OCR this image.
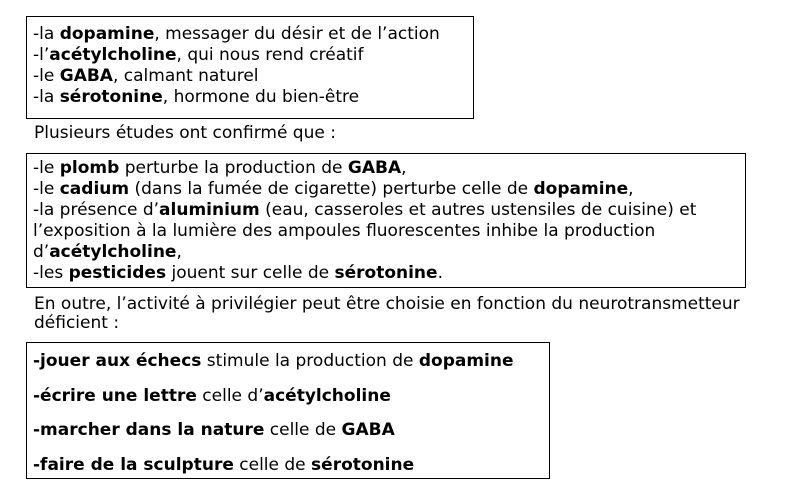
-la dopamine, messager du désir et de l’action
-l’acétylcholine, qui nous rend créatif
-le GABA, calmant naturel
-la sérotonine, hormone du bien-être
Plusieurs études ont confirmé que :
-le plomb perturbe la production de GABA,
-le cadium (dans la fumée de cigarette) perturbe celle de dopamine,
-la présence d’aluminium (eau, casseroles et autres ustensiles de cuisine) et
l’exposition à la lumière des ampoules fluorescentes inhibe la production
d’acétylcholine,
-les pesticides jouent sur celle de sérotonine.
En outre, l’activité à privilégier peut être choisie en fonction du neurotransmetteur
déficient :
-jouer aux échecs stimule la production de dopamine
-écrire une lettre celle d’acétylcholine
-marcher dans la nature celle de GABA
-faire de la sculpture celle de sérotonine
